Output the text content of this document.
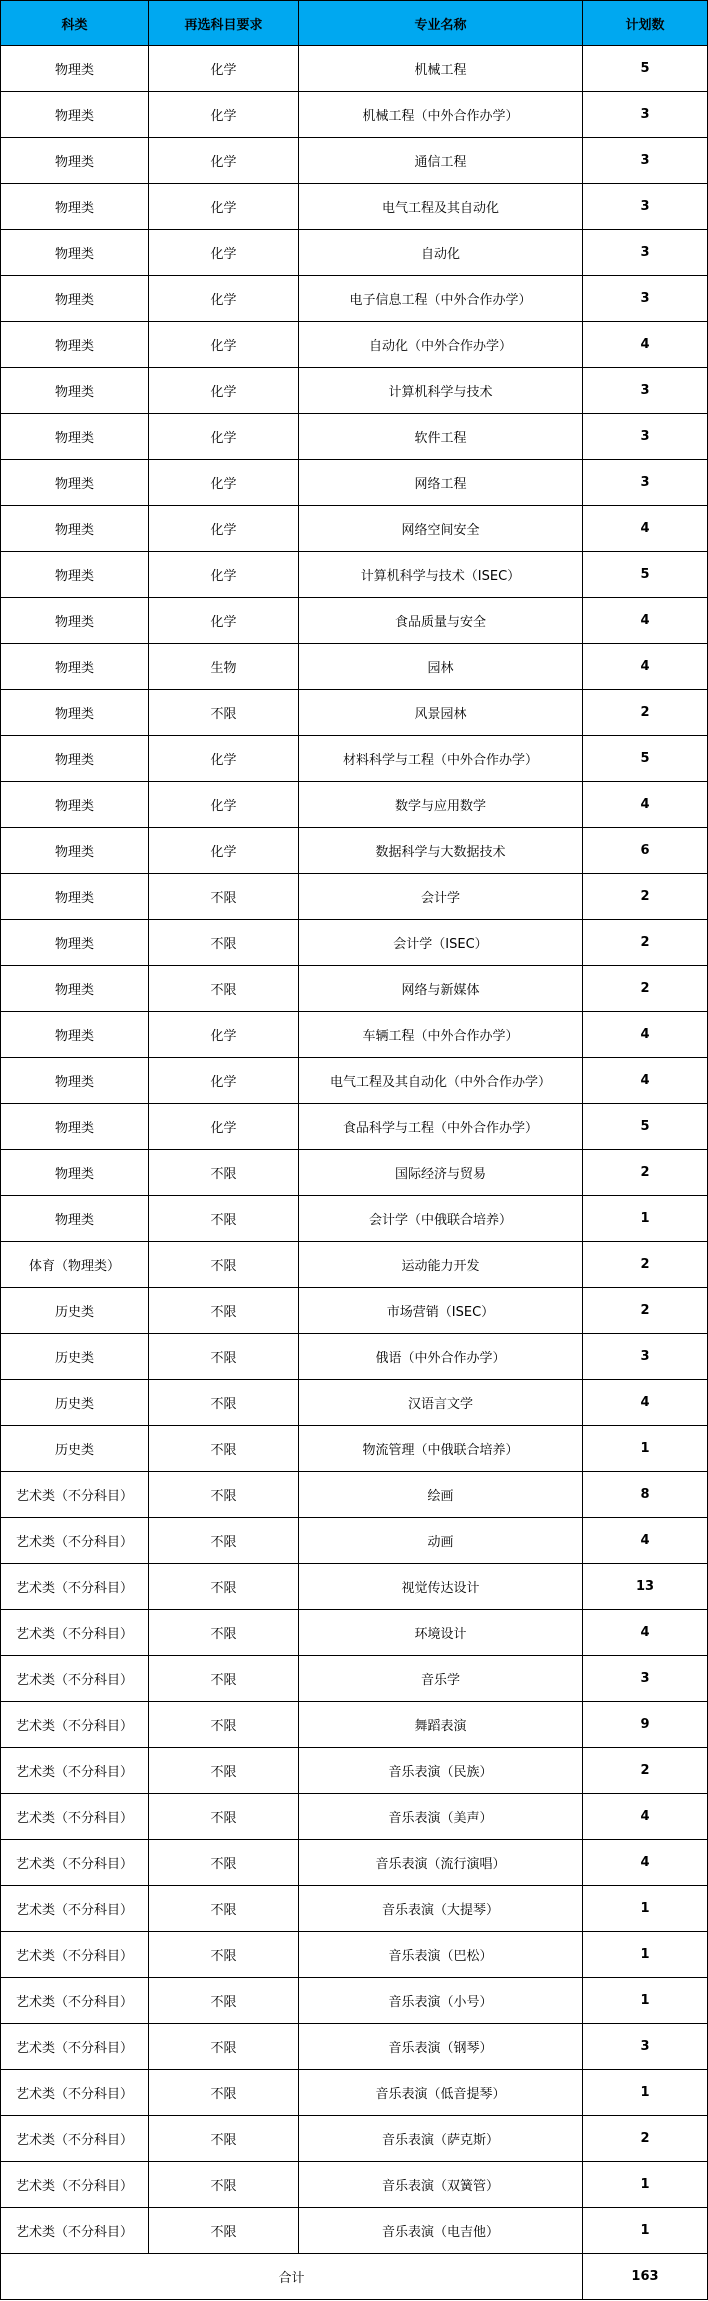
科类	再选科目要求	专业名称	计划数
物理类	化学	机械工程	5
物理类	化学	机械工程（中外合作办学）	3
物理类	化学	通信工程	3
物理类	化学	电气工程及其自动化	3
物理类	化学	自动化	3
物理类	化学	电子信息工程（中外合作办学）	3
物理类	化学	自动化（中外合作办学）	4
物理类	化学	计算机科学与技术	3
物理类	化学	软件工程	3
物理类	化学	网络工程	3
物理类	化学	网络空间安全	4
物理类	化学	计算机科学与技术（ISEC）	5
物理类	化学	食品质量与安全	4
物理类	生物	园林	4
物理类	不限	风景园林	2
物理类	化学	材料科学与工程（中外合作办学）	5
物理类	化学	数学与应用数学	4
物理类	化学	数据科学与大数据技术	6
物理类	不限	会计学	2
物理类	不限	会计学（ISEC）	2
物理类	不限	网络与新媒体	2
物理类	化学	车辆工程（中外合作办学）	4
物理类	化学	电气工程及其自动化（中外合作办学）	4
物理类	化学	食品科学与工程（中外合作办学）	5
物理类	不限	国际经济与贸易	2
物理类	不限	会计学（中俄联合培养）	1
体育（物理类）	不限	运动能力开发	2
历史类	不限	市场营销（ISEC）	2
历史类	不限	俄语（中外合作办学）	3
历史类	不限	汉语言文学	4
历史类	不限	物流管理（中俄联合培养）	1
艺术类（不分科目）	不限	绘画	8
艺术类（不分科目）	不限	动画	4
艺术类（不分科目）	不限	视觉传达设计	13
艺术类（不分科目）	不限	环境设计	4
艺术类（不分科目）	不限	音乐学	3
艺术类（不分科目）	不限	舞蹈表演	9
艺术类（不分科目）	不限	音乐表演（民族）	2
艺术类（不分科目）	不限	音乐表演（美声）	4
艺术类（不分科目）	不限	音乐表演（流行演唱）	4
艺术类（不分科目）	不限	音乐表演（大提琴）	1
艺术类（不分科目）	不限	音乐表演（巴松）	1
艺术类（不分科目）	不限	音乐表演（小号）	1
艺术类（不分科目）	不限	音乐表演（钢琴）	3
艺术类（不分科目）	不限	音乐表演（低音提琴）	1
艺术类（不分科目）	不限	音乐表演（萨克斯）	2
艺术类（不分科目）	不限	音乐表演（双簧管）	1
艺术类（不分科目）	不限	音乐表演（电吉他）	1
合计			163
